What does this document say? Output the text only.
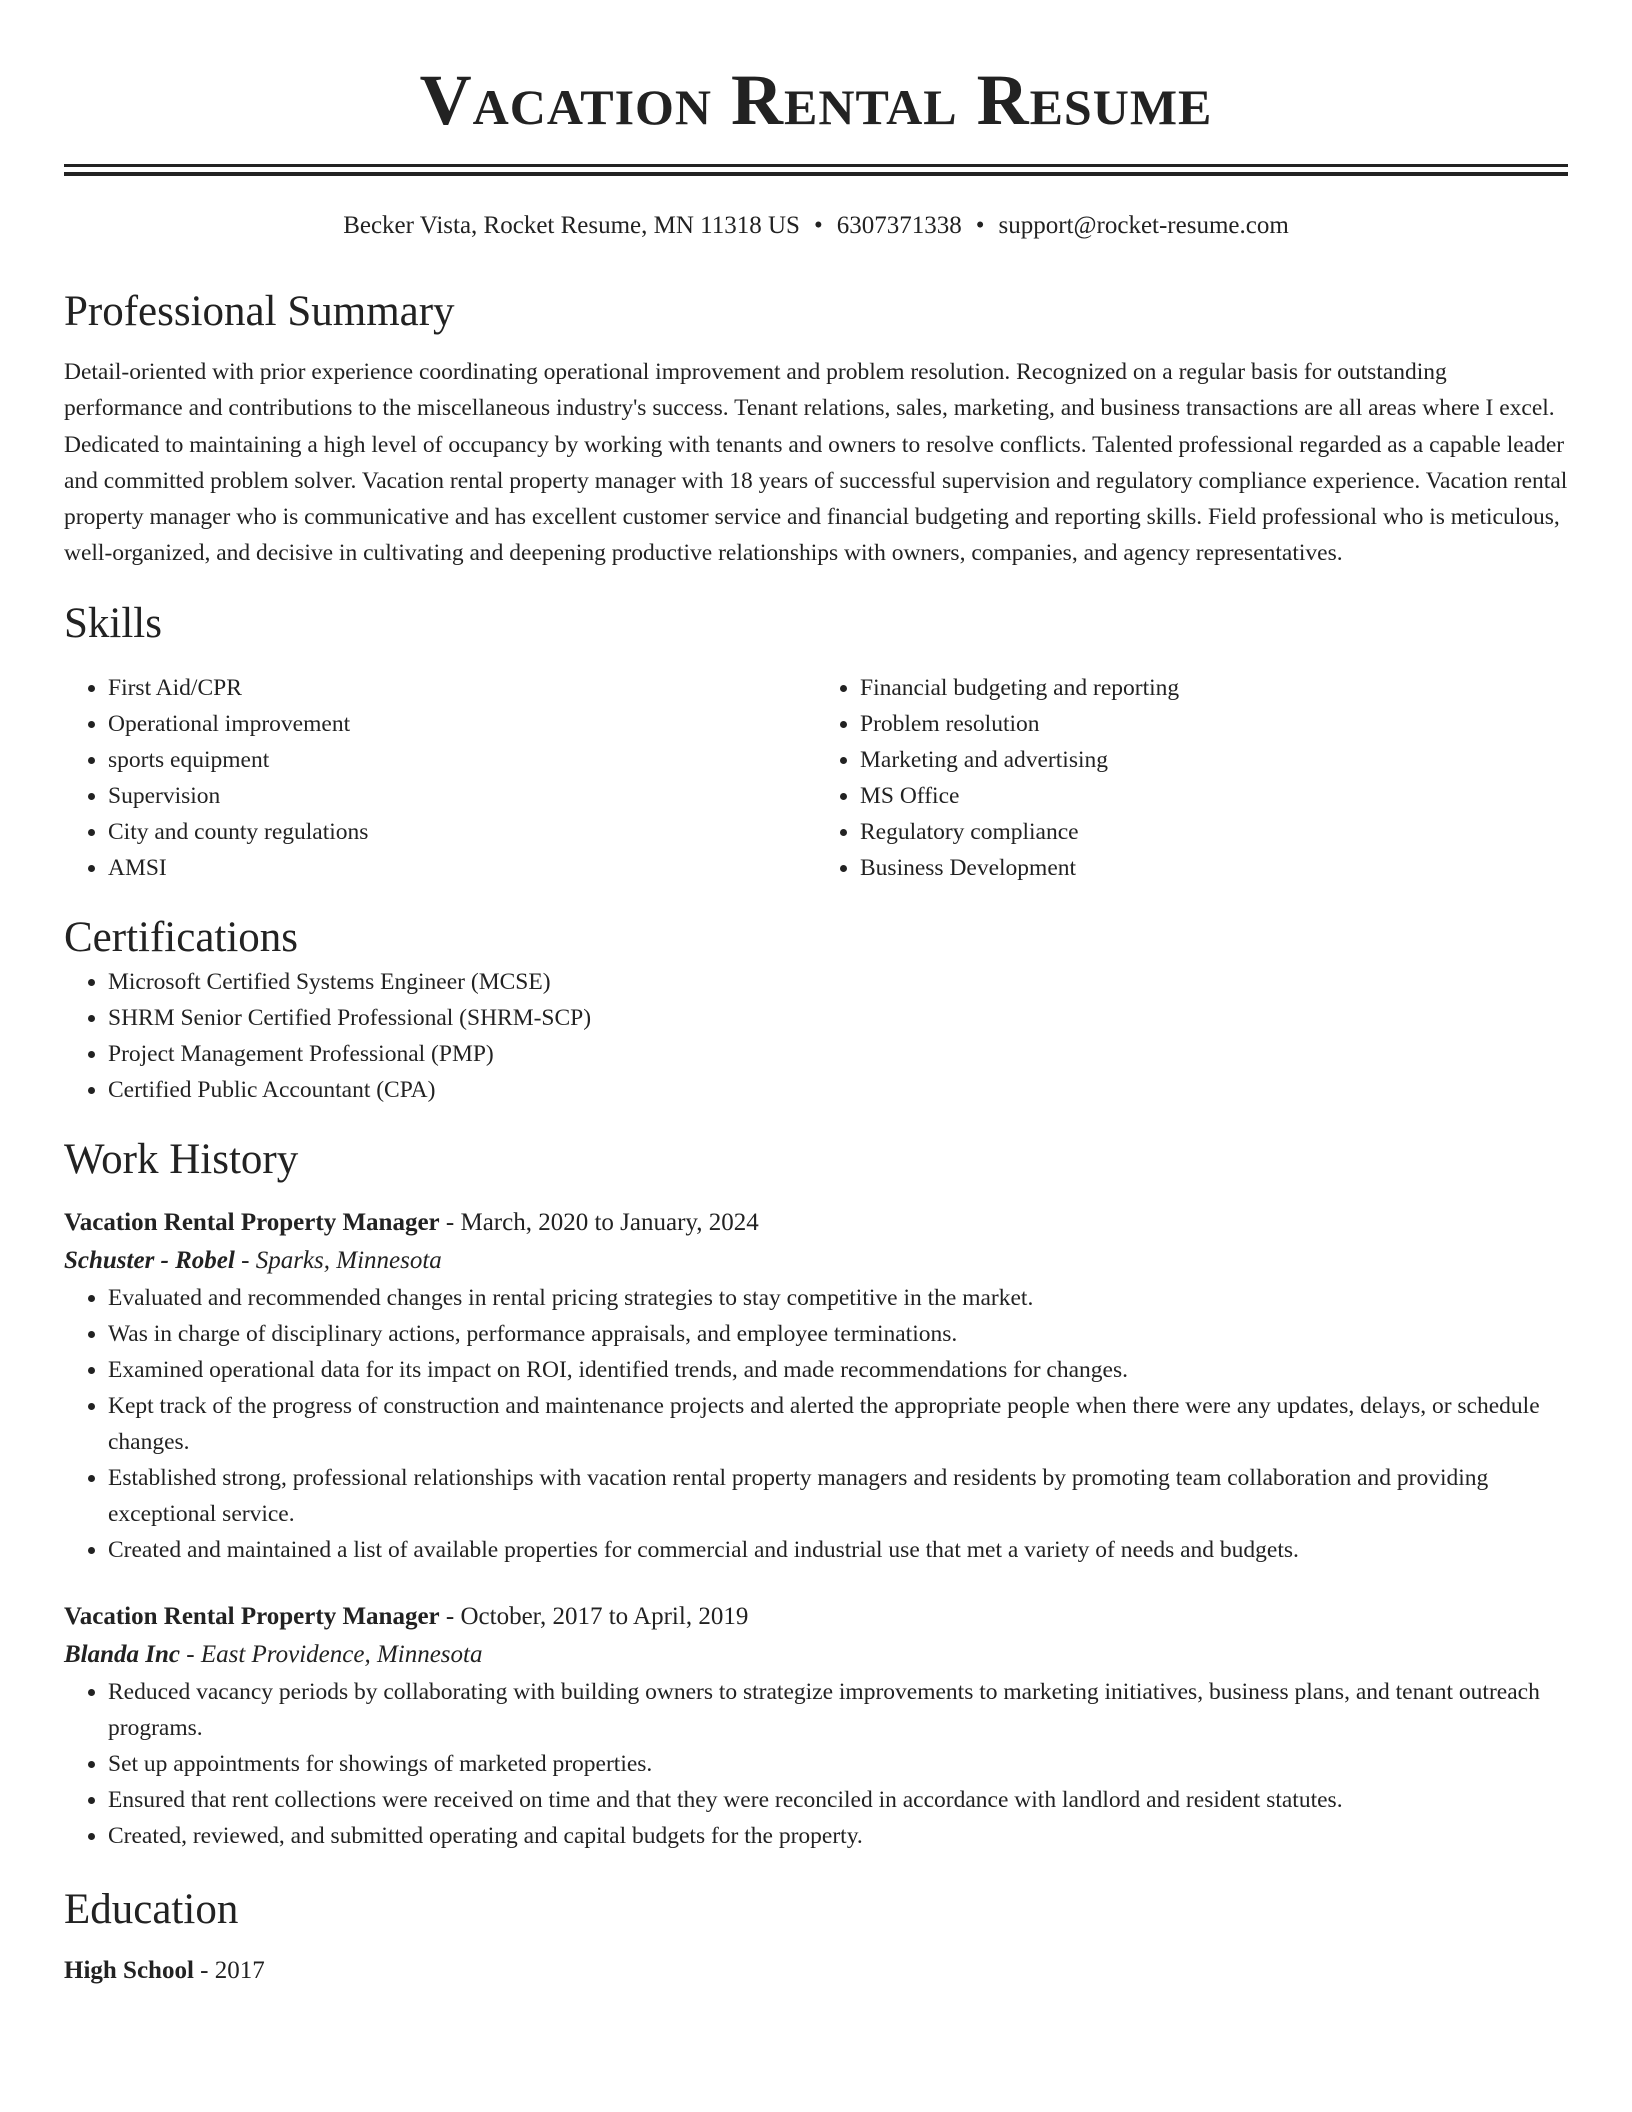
Vacation Rental Resume
Becker Vista, Rocket Resume, MN 11318 US • 6307371338 • support@rocket-resume.com
Professional Summary
Detail-oriented with prior experience coordinating operational improvement and problem resolution. Recognized on a regular basis for outstanding performance and contributions to the miscellaneous industry's success. Tenant relations, sales, marketing, and business transactions are all areas where I excel. Dedicated to maintaining a high level of occupancy by working with tenants and owners to resolve conflicts. Talented professional regarded as a capable leader and committed problem solver. Vacation rental property manager with 18 years of successful supervision and regulatory compliance experience. Vacation rental property manager who is communicative and has excellent customer service and financial budgeting and reporting skills. Field professional who is meticulous, well-organized, and decisive in cultivating and deepening productive relationships with owners, companies, and agency representatives.
Skills
• First Aid/CPR
• Operational improvement
• sports equipment
• Supervision
• City and county regulations
• AMSI
• Financial budgeting and reporting
• Problem resolution
• Marketing and advertising
• MS Office
• Regulatory compliance
• Business Development
Certifications
• Microsoft Certified Systems Engineer (MCSE)
• SHRM Senior Certified Professional (SHRM-SCP)
• Project Management Professional (PMP)
• Certified Public Accountant (CPA)
Work History
Vacation Rental Property Manager - March, 2020 to January, 2024
Schuster - Robel - Sparks, Minnesota
• Evaluated and recommended changes in rental pricing strategies to stay competitive in the market.
• Was in charge of disciplinary actions, performance appraisals, and employee terminations.
• Examined operational data for its impact on ROI, identified trends, and made recommendations for changes.
• Kept track of the progress of construction and maintenance projects and alerted the appropriate people when there were any updates, delays, or schedule changes.
• Established strong, professional relationships with vacation rental property managers and residents by promoting team collaboration and providing exceptional service.
• Created and maintained a list of available properties for commercial and industrial use that met a variety of needs and budgets.
Vacation Rental Property Manager - October, 2017 to April, 2019
Blanda Inc - East Providence, Minnesota
• Reduced vacancy periods by collaborating with building owners to strategize improvements to marketing initiatives, business plans, and tenant outreach programs.
• Set up appointments for showings of marketed properties.
• Ensured that rent collections were received on time and that they were reconciled in accordance with landlord and resident statutes.
• Created, reviewed, and submitted operating and capital budgets for the property.
Education
High School - 2017
